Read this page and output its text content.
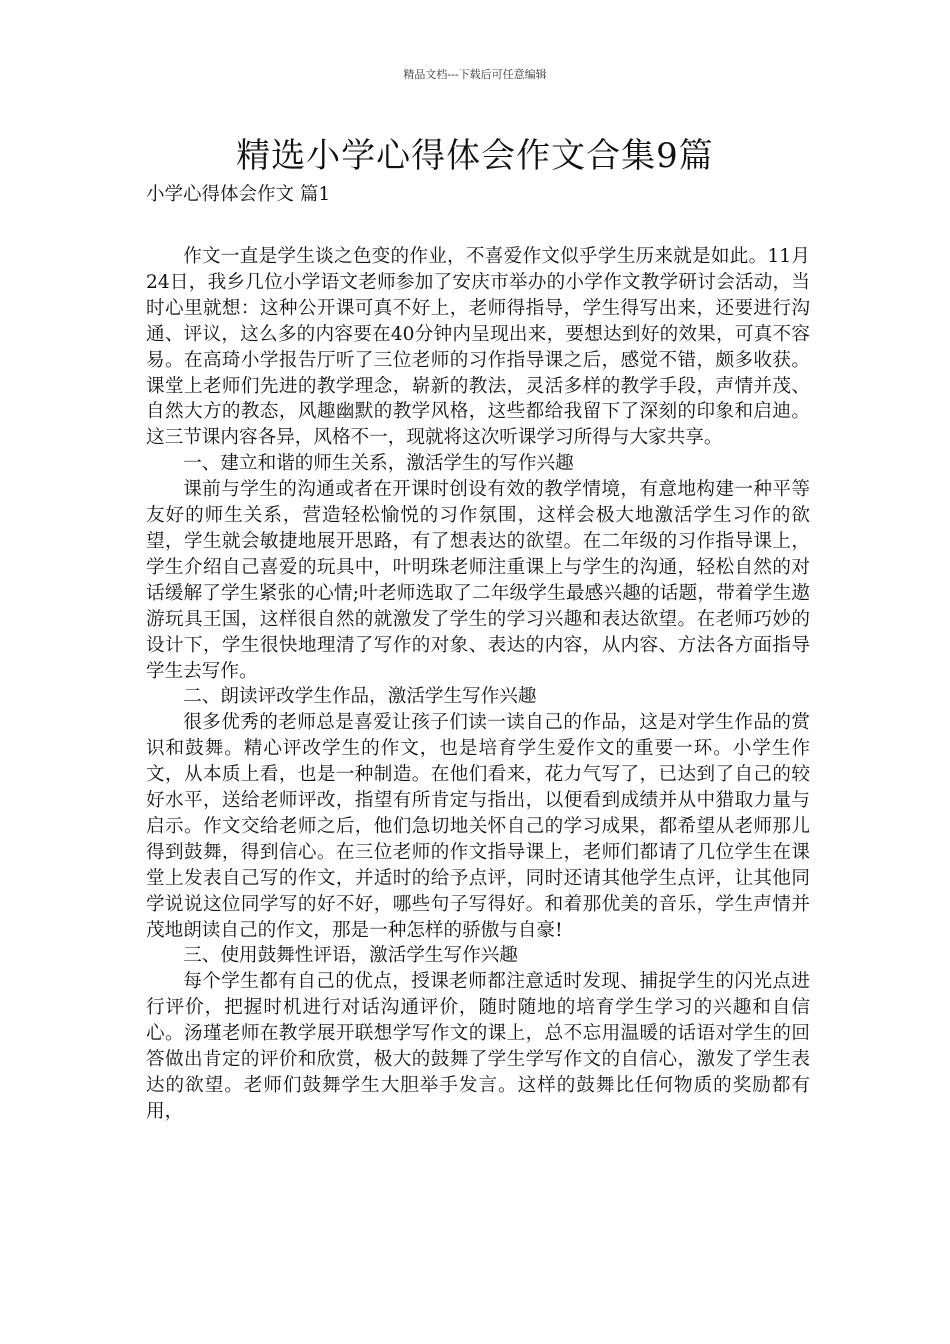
精品文档---下载后可任意编辑
精选小学心得体会作文合集9篇
小学心得体会作文 篇1

作文一直是学生谈之色变的作业，不喜爱作文似乎学生历来就是如此。11月24日，我乡几位小学语文老师参加了安庆市举办的小学作文教学研讨会活动，当时心里就想：这种公开课可真不好上，老师得指导，学生得写出来，还要进行沟通、评议，这么多的内容要在40分钟内呈现出来，要想达到好的效果，可真不容易。在高琦小学报告厅听了三位老师的习作指导课之后，感觉不错，颇多收获。课堂上老师们先进的教学理念，崭新的教法，灵活多样的教学手段，声情并茂、自然大方的教态，风趣幽默的教学风格，这些都给我留下了深刻的印象和启迪。这三节课内容各异，风格不一，现就将这次听课学习所得与大家共享。

一、建立和谐的师生关系，激活学生的写作兴趣

课前与学生的沟通或者在开课时创设有效的教学情境，有意地构建一种平等友好的师生关系，营造轻松愉悦的习作氛围，这样会极大地激活学生习作的欲望，学生就会敏捷地展开思路，有了想表达的欲望。在二年级的习作指导课上，学生介绍自己喜爱的玩具中，叶明珠老师注重课上与学生的沟通，轻松自然的对话缓解了学生紧张的心情;叶老师选取了二年级学生最感兴趣的话题，带着学生遨游玩具王国，这样很自然的就激发了学生的学习兴趣和表达欲望。在老师巧妙的设计下，学生很快地理清了写作的对象、表达的内容，从内容、方法各方面指导学生去写作。

二、朗读评改学生作品，激活学生写作兴趣

很多优秀的老师总是喜爱让孩子们读一读自己的作品，这是对学生作品的赏识和鼓舞。精心评改学生的作文，也是培育学生爱作文的重要一环。小学生作文，从本质上看，也是一种制造。在他们看来，花力气写了，已达到了自己的较好水平，送给老师评改，指望有所肯定与指出，以便看到成绩并从中猎取力量与启示。作文交给老师之后，他们急切地关怀自己的学习成果，都希望从老师那儿得到鼓舞，得到信心。在三位老师的作文指导课上，老师们都请了几位学生在课堂上发表自己写的作文，并适时的给予点评，同时还请其他学生点评，让其他同学说说这位同学写的好不好，哪些句子写得好。和着那优美的音乐，学生声情并茂地朗读自己的作文，那是一种怎样的骄傲与自豪!

三、使用鼓舞性评语，激活学生写作兴趣

每个学生都有自己的优点，授课老师都注意适时发现、捕捉学生的闪光点进行评价，把握时机进行对话沟通评价，随时随地的培育学生学习的兴趣和自信心。汤瑾老师在教学展开联想学写作文的课上，总不忘用温暖的话语对学生的回答做出肯定的评价和欣赏，极大的鼓舞了学生学写作文的自信心，激发了学生表达的欲望。老师们鼓舞学生大胆举手发言。这样的鼓舞比任何物质的奖励都有用，
